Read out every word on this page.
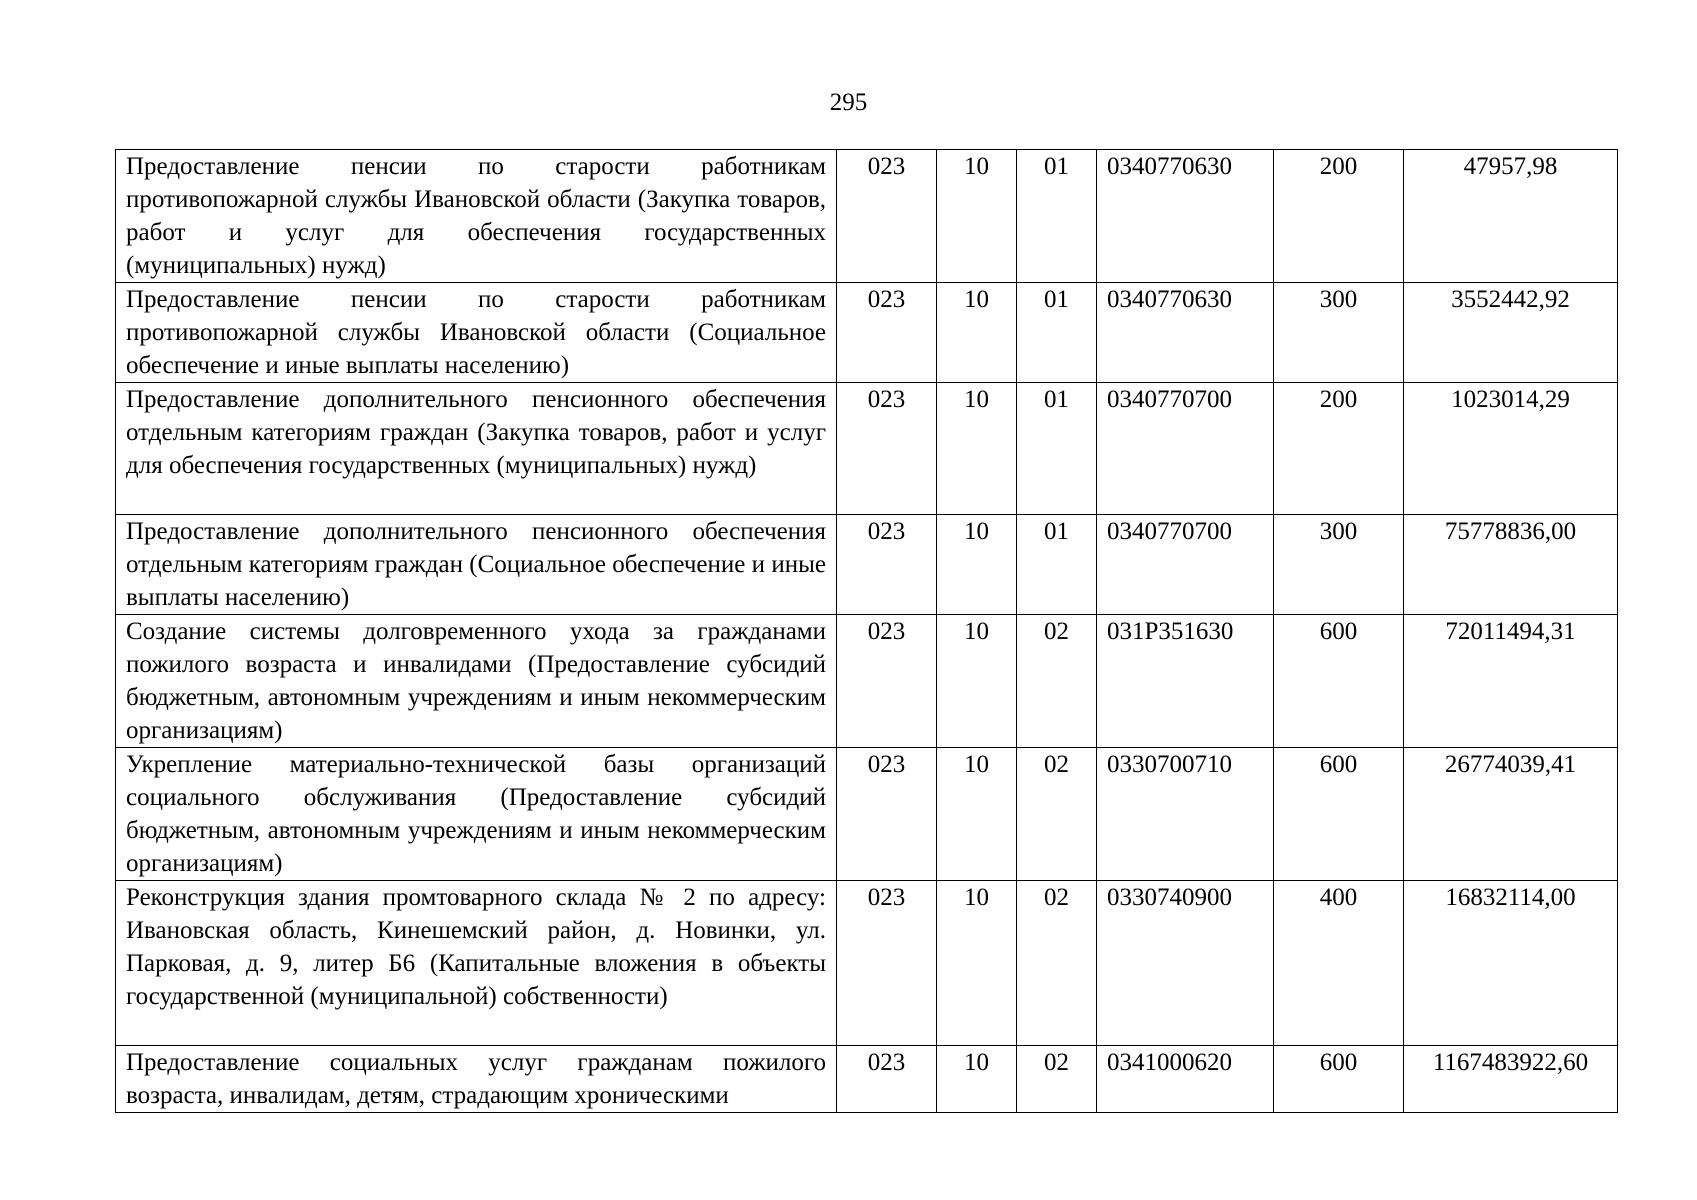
295
Предоставление пенсии по старости работникам противопожарной службы Ивановской области (Закупка товаров, работ и услуг для обеспечения государственных (муниципальных) нужд)	023	10	01	0340770630	200	47957,98
Предоставление пенсии по старости работникам противопожарной службы Ивановской области (Социальное обеспечение и иные выплаты населению)	023	10	01	0340770630	300	3552442,92
Предоставление дополнительного пенсионного обеспечения отдельным категориям граждан (Закупка товаров, работ и услуг для обеспечения государственных (муниципальных) нужд)	023	10	01	0340770700	200	1023014,29
Предоставление дополнительного пенсионного обеспечения отдельным категориям граждан (Социальное обеспечение и иные выплаты населению)	023	10	01	0340770700	300	75778836,00
Создание системы долговременного ухода за гражданами пожилого возраста и инвалидами (Предоставление субсидий бюджетным, автономным учреждениям и иным некоммерческим организациям)	023	10	02	031P351630	600	72011494,31
Укрепление материально-технической базы организаций социального обслуживания (Предоставление субсидий бюджетным, автономным учреждениям и иным некоммерческим организациям)	023	10	02	0330700710	600	26774039,41
Реконструкция здания промтоварного склада № 2 по адресу: Ивановская область, Кинешемский район, д. Новинки, ул. Парковая, д. 9, литер Б6 (Капитальные вложения в объекты государственной (муниципальной) собственности)	023	10	02	0330740900	400	16832114,00
Предоставление социальных услуг гражданам пожилого возраста, инвалидам, детям, страдающим хроническими	023	10	02	0341000620	600	1167483922,60
